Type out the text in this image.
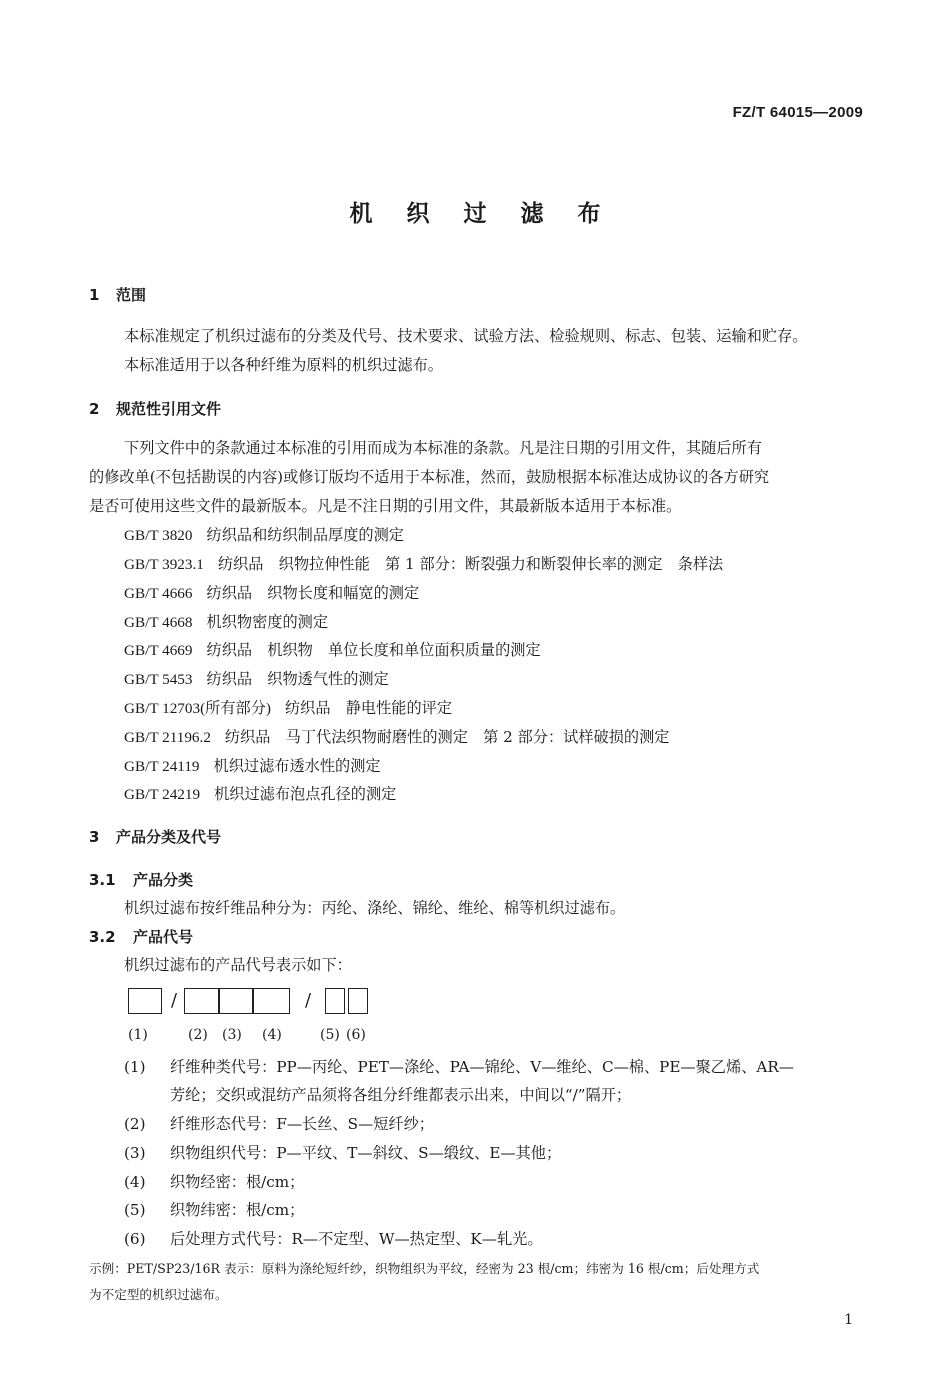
FZ/T 64015—2009
机 织 过 滤 布
1 范围
本标准规定了机织过滤布的分类及代号、技术要求、试验方法、检验规则、标志、包装、运输和贮存。
本标准适用于以各种纤维为原料的机织过滤布。
2 规范性引用文件
下列文件中的条款通过本标准的引用而成为本标准的条款。凡是注日期的引用文件，其随后所有
的修改单(不包括勘误的内容)或修订版均不适用于本标准，然而，鼓励根据本标准达成协议的各方研究
是否可使用这些文件的最新版本。凡是不注日期的引用文件，其最新版本适用于本标准。
GB/T 3820 纺织品和纺织制品厚度的测定
GB/T 3923.1 纺织品　织物拉伸性能　第 1 部分：断裂强力和断裂伸长率的测定　条样法
GB/T 4666 纺织品　织物长度和幅宽的测定
GB/T 4668 机织物密度的测定
GB/T 4669 纺织品　机织物　单位长度和单位面积质量的测定
GB/T 5453 纺织品　织物透气性的测定
GB/T 12703(所有部分) 纺织品　静电性能的评定
GB/T 21196.2 纺织品　马丁代法织物耐磨性的测定　第 2 部分：试样破损的测定
GB/T 24119 机织过滤布透水性的测定
GB/T 24219 机织过滤布泡点孔径的测定
3 产品分类及代号
3.1 产品分类
机织过滤布按纤维品种分为：丙纶、涤纶、锦纶、维纶、棉等机织过滤布。
3.2 产品代号
机织过滤布的产品代号表示如下：
/	/
(1)	(2) (3) (4)	(5) (6)
(1) 纤维种类代号：PP—丙纶、PET—涤纶、PA—锦纶、V—维纶、C—棉、PE—聚乙烯、AR—
芳纶；交织或混纺产品须将各组分纤维都表示出来，中间以“/”隔开；
(2) 纤维形态代号：F—长丝、S—短纤纱；
(3) 织物组织代号：P—平纹、T—斜纹、S—缎纹、E—其他；
(4) 织物经密：根/cm；
(5) 织物纬密：根/cm；
(6) 后处理方式代号：R—不定型、W—热定型、K—轧光。
示例：PET/SP23/16R 表示：原料为涤纶短纤纱，织物组织为平纹，经密为 23 根/cm；纬密为 16 根/cm；后处理方式
为不定型的机织过滤布。
1
